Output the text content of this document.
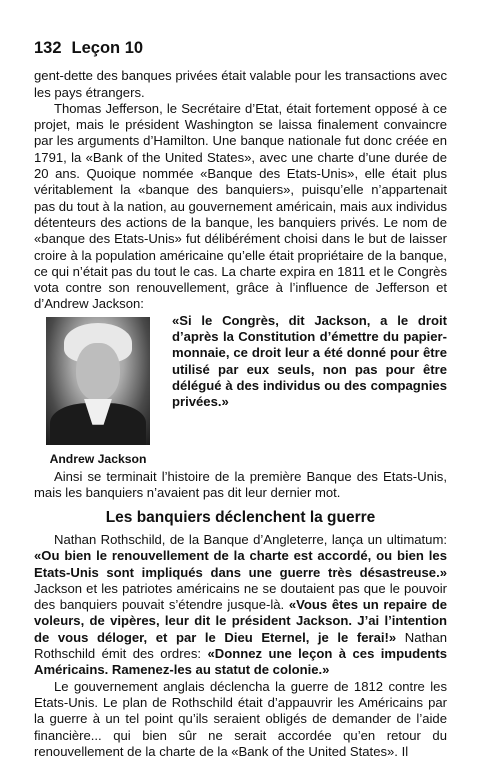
132 Leçon 10

gent-dette des banques privées était valable pour les transactions avec les pays étrangers.

Thomas Jefferson, le Secrétaire d’Etat, était fortement opposé à ce projet, mais le président Washington se laissa finalement convaincre par les arguments d’Hamilton. Une banque nationale fut donc créée en 1791, la «Bank of the United States», avec une charte d’une durée de 20 ans. Quoique nommée «Banque des Etats-Unis», elle était plus véritablement la «banque des banquiers», puisqu’elle n’appartenait pas du tout à la nation, au gouvernement américain, mais aux individus détenteurs des actions de la banque, les banquiers privés. Le nom de «banque des Etats-Unis» fut délibérément choisi dans le but de laisser croire à la population américaine qu’elle était propriétaire de la banque, ce qui n’était pas du tout le cas. La charte expira en 1811 et le Congrès vota contre son renouvellement, grâce à l’influence de Jefferson et d’Andrew Jackson:

Andrew Jackson

«Si le Congrès, dit Jackson, a le droit d’après la Constitution d’émettre du papier-monnaie, ce droit leur a été donné pour être utilisé par eux seuls, non pas pour être délégué à des individus ou des compagnies privées.»

Ainsi se terminait l’histoire de la première Banque des Etats-Unis, mais les banquiers n’avaient pas dit leur dernier mot.

Les banquiers déclenchent la guerre

Nathan Rothschild, de la Banque d’Angleterre, lança un ultimatum: «Ou bien le renouvellement de la charte est accordé, ou bien les Etats-Unis sont impliqués dans une guerre très désastreuse.» Jackson et les patriotes américains ne se doutaient pas que le pouvoir des banquiers pouvait s’étendre jusque-là. «Vous êtes un repaire de voleurs, de vipères, leur dit le président Jackson. J’ai l’intention de vous déloger, et par le Dieu Eternel, je le ferai!» Nathan Rothschild émit des ordres: «Donnez une leçon à ces impudents Américains. Ramenez-les au statut de colonie.»

Le gouvernement anglais déclencha la guerre de 1812 contre les Etats-Unis. Le plan de Rothschild était d’appauvrir les Américains par la guerre à un tel point qu’ils seraient obligés de demander de l’aide financière... qui bien sûr ne serait accordée qu’en retour du renouvellement de la charte de la «Bank of the United States». Il
